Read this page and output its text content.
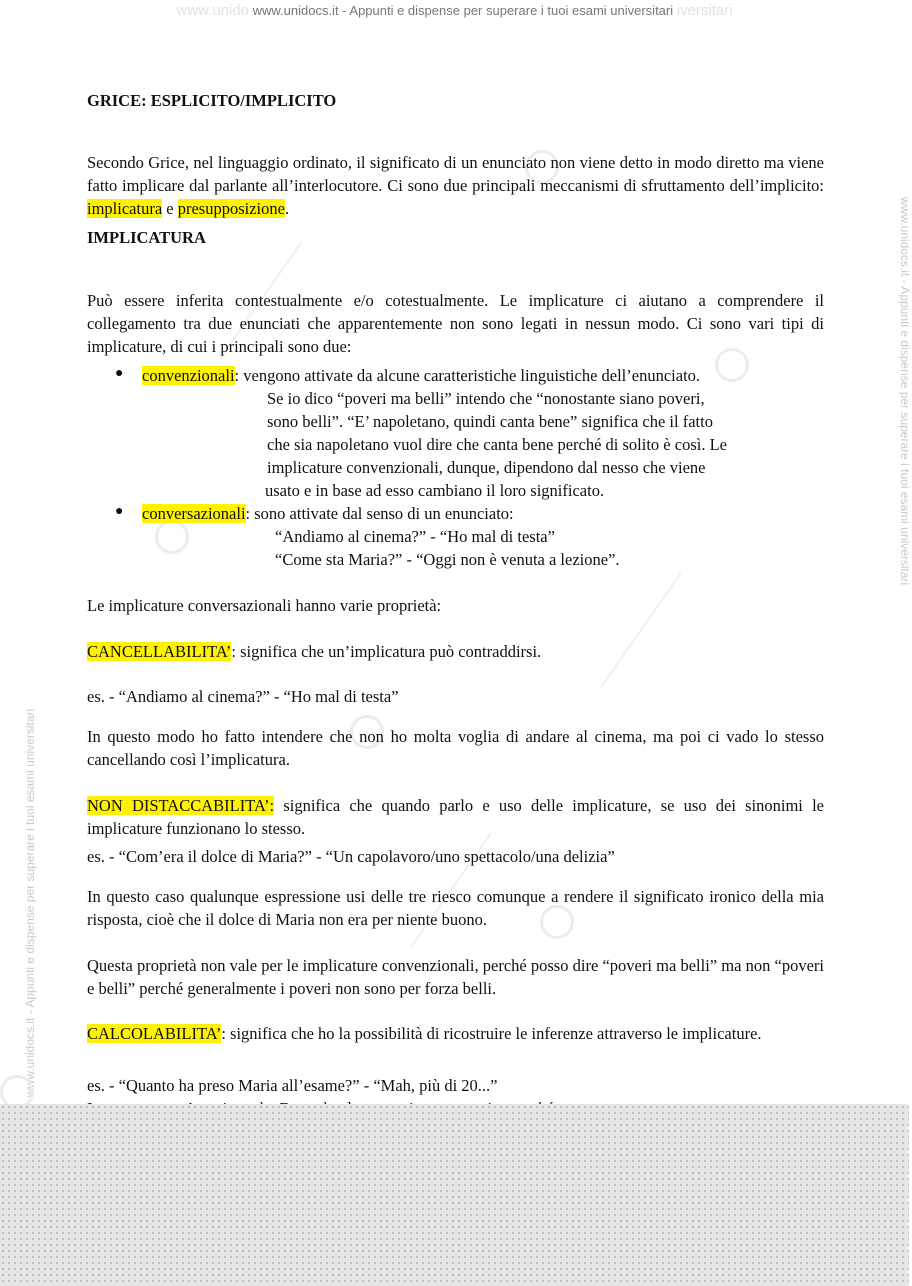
www.unido www.unidocs.it - Appunti e dispense per superare i tuoi esami universitari iversitari
www.unidocs.it - Appunti e dispense per superare i tuoi esami universitari
www.unidocs.it - Appunti e dispense per superare i tuoi esami universitari
GRICE: ESPLICITO/IMPLICITO

Secondo Grice, nel linguaggio ordinato, il significato di un enunciato non viene detto in modo diretto ma viene fatto implicare dal parlante all’interlocutore. Ci sono due principali meccanismi di sfruttamento dell’implicito: implicatura e presupposizione.

IMPLICATURA

Può essere inferita contestualmente e/o cotestualmente. Le implicature ci aiutano a comprendere il collegamento tra due enunciati che apparentemente non sono legati in nessun modo. Ci sono vari tipi di implicature, di cui i principali sono due:

● convenzionali: vengono attivate da alcune caratteristiche linguistiche dell’enunciato.
Se io dico “poveri ma belli” intendo che “nonostante siano poveri,
sono belli”. “E’ napoletano, quindi canta bene” significa che il fatto
che sia napoletano vuol dire che canta bene perché di solito è così. Le
implicature convenzionali, dunque, dipendono dal nesso che viene
usato e in base ad esso cambiano il loro significato.
● conversazionali: sono attivate dal senso di un enunciato:
“Andiamo al cinema?” - “Ho mal di testa”
“Come sta Maria?” - “Oggi non è venuta a lezione”.
Le implicature conversazionali hanno varie proprietà:
CANCELLABILITA’: significa che un’implicatura può contraddirsi.
es. - “Andiamo al cinema?” - “Ho mal di testa”

In questo modo ho fatto intendere che non ho molta voglia di andare al cinema, ma poi ci vado lo stesso cancellando così l’implicatura.

NON DISTACCABILITA’: significa che quando parlo e uso delle implicature, se uso dei sinonimi le implicature funzionano lo stesso.

es. - “Com’era il dolce di Maria?” - “Un capolavoro/uno spettacolo/una delizia”

In questo caso qualunque espressione usi delle tre riesco comunque a rendere il significato ironico della mia risposta, cioè che il dolce di Maria non era per niente buono.

Questa proprietà non vale per le implicature convenzionali, perché posso dire “poveri ma belli” ma non “poveri e belli” perché generalmente i poveri non sono per forza belli.

CALCOLABILITA’: significa che ho la possibilità di ricostruire le inferenze attraverso le implicature.

es. - “Quanto ha preso Maria all’esame?” - “Mah, più di 20...”
